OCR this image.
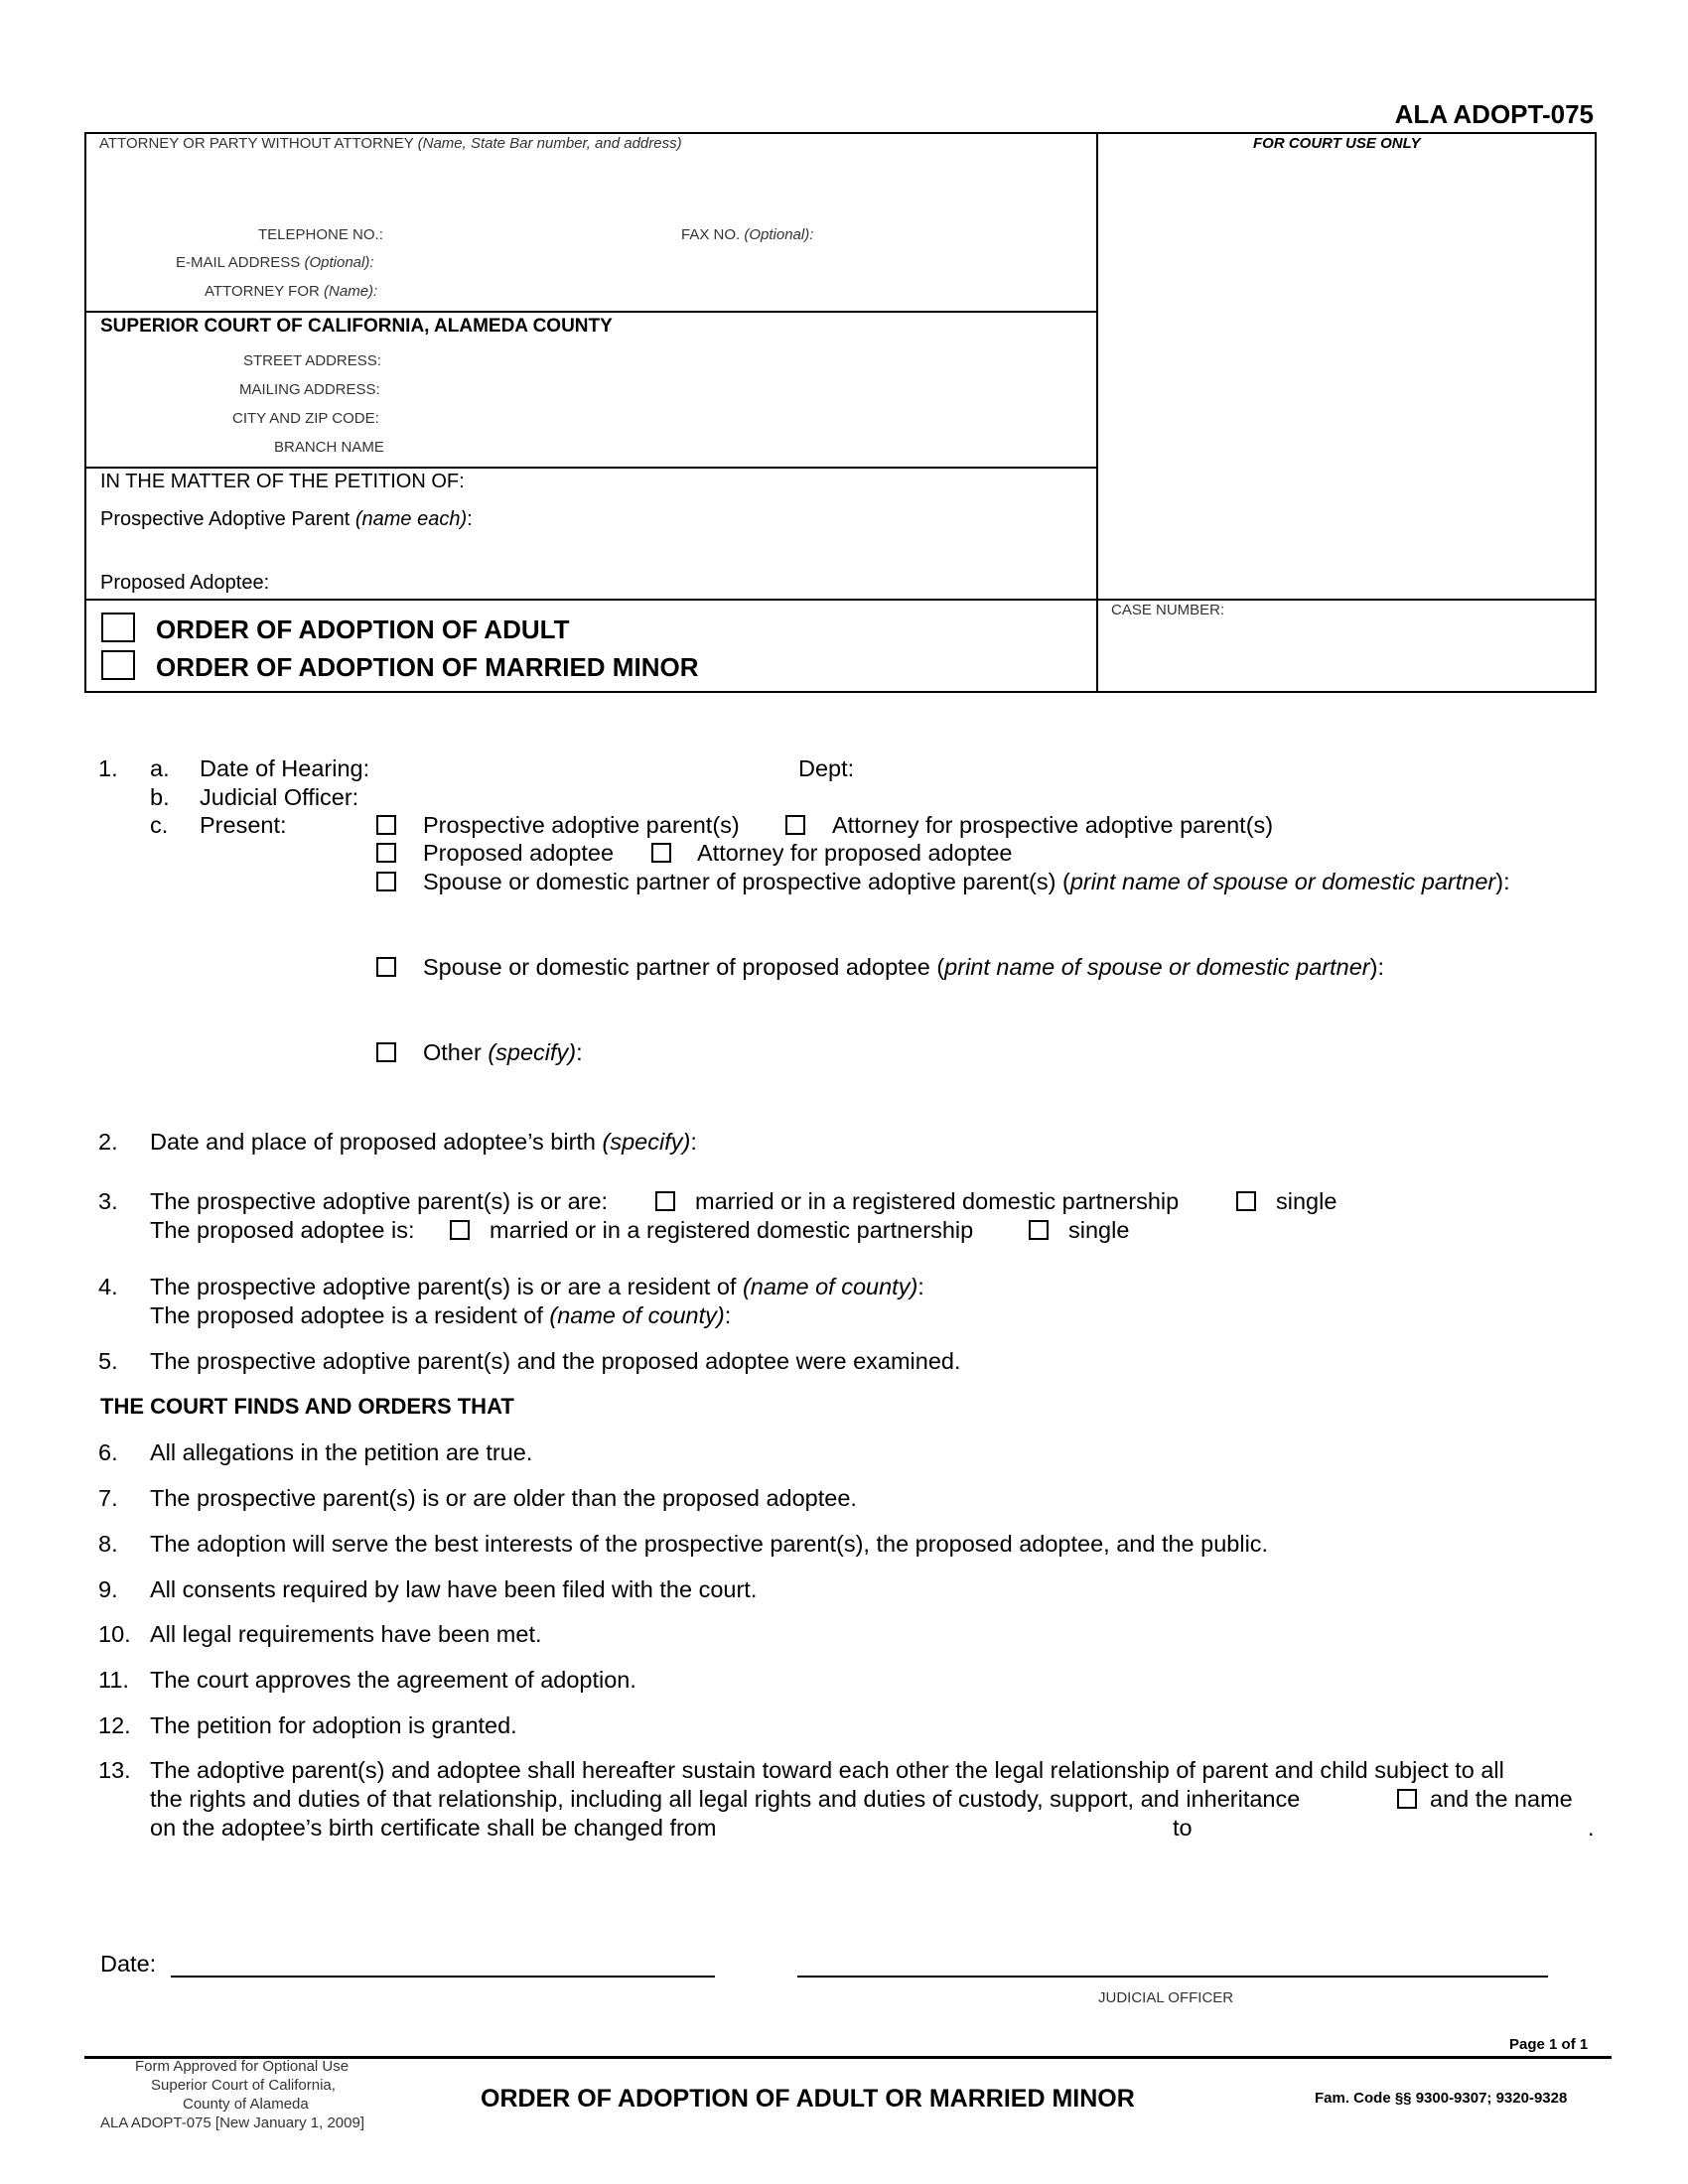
ALA ADOPT-075
ATTORNEY OR PARTY WITHOUT ATTORNEY (Name, State Bar number, and address)	FOR COURT USE ONLY
TELEPHONE NO.:	FAX NO. (Optional):
E-MAIL ADDRESS (Optional):
ATTORNEY FOR (Name):
SUPERIOR COURT OF CALIFORNIA, ALAMEDA COUNTY
STREET ADDRESS:
MAILING ADDRESS:
CITY AND ZIP CODE:
BRANCH NAME
IN THE MATTER OF THE PETITION OF:
Prospective Adoptive Parent (name each):
Proposed Adoptee:
CASE NUMBER:
ORDER OF ADOPTION OF ADULT
ORDER OF ADOPTION OF MARRIED MINOR
1. a. Date of Hearing:	Dept:
b. Judicial Officer:
c. Present:	Prospective adoptive parent(s)	Attorney for prospective adoptive parent(s)
Proposed adoptee	Attorney for proposed adoptee
Spouse or domestic partner of prospective adoptive parent(s) (print name of spouse or domestic partner):
Spouse or domestic partner of proposed adoptee (print name of spouse or domestic partner):
Other (specify):
2. Date and place of proposed adoptee’s birth (specify):
3. The prospective adoptive parent(s) is or are:	married or in a registered domestic partnership	single
The proposed adoptee is:	married or in a registered domestic partnership	single
4. The prospective adoptive parent(s) is or are a resident of (name of county):
The proposed adoptee is a resident of (name of county):
5. The prospective adoptive parent(s) and the proposed adoptee were examined.
THE COURT FINDS AND ORDERS THAT
6. All allegations in the petition are true.
7. The prospective parent(s) is or are older than the proposed adoptee.
8. The adoption will serve the best interests of the prospective parent(s), the proposed adoptee, and the public.
9. All consents required by law have been filed with the court.
10. All legal requirements have been met.
11. The court approves the agreement of adoption.
12. The petition for adoption is granted.
13. The adoptive parent(s) and adoptee shall hereafter sustain toward each other the legal relationship of parent and child subject to all
the rights and duties of that relationship, including all legal rights and duties of custody, support, and inheritance	and the name
on the adoptee’s birth certificate shall be changed from	to	.
Date:
JUDICIAL OFFICER
Page 1 of 1
Form Approved for Optional Use
Superior Court of California,
County of Alameda
ALA ADOPT-075 [New January 1, 2009]
ORDER OF ADOPTION OF ADULT OR MARRIED MINOR	Fam. Code §§ 9300-9307; 9320-9328
